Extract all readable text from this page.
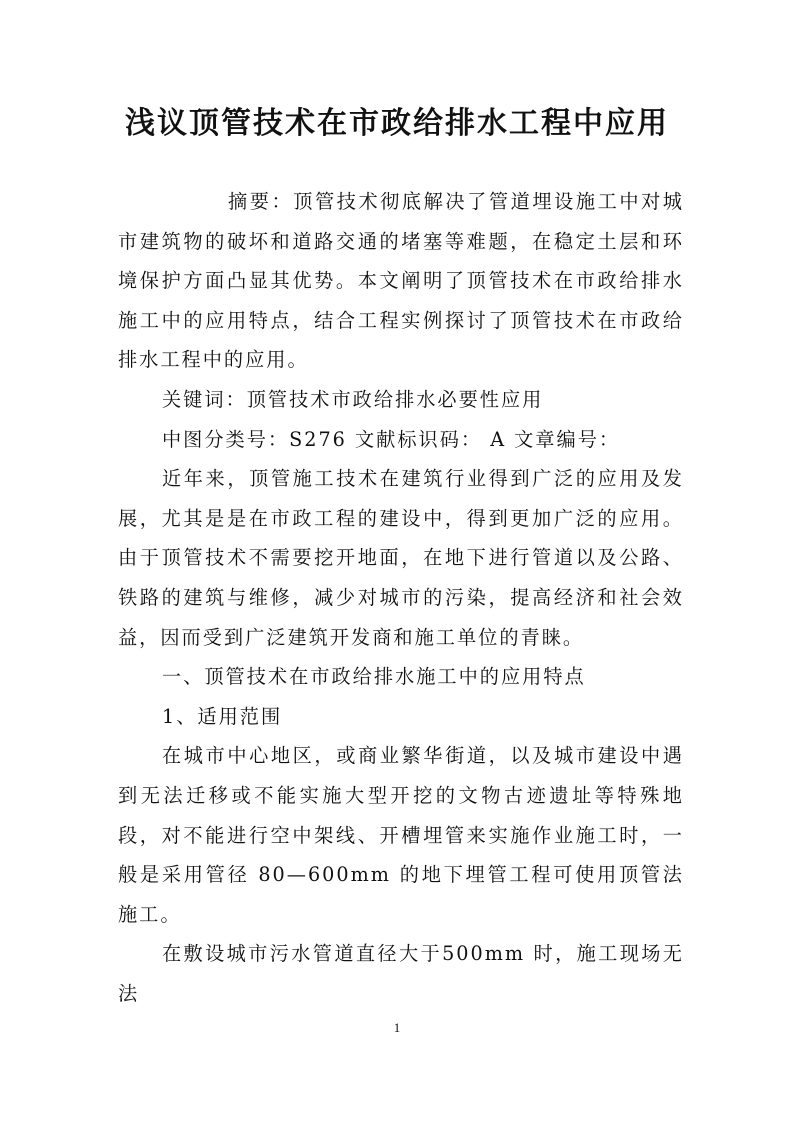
浅议顶管技术在市政给排水工程中应用

摘要：顶管技术彻底解决了管道埋设施工中对城市建筑物的破坏和道路交通的堵塞等难题，在稳定土层和环境保护方面凸显其优势。本文阐明了顶管技术在市政给排水施工中的应用特点，结合工程实例探讨了顶管技术在市政给排水工程中的应用。

关键词：顶管技术市政给排水必要性应用

中图分类号：S276 文献标识码： A 文章编号：

近年来，顶管施工技术在建筑行业得到广泛的应用及发展，尤其是是在市政工程的建设中，得到更加广泛的应用。由于顶管技术不需要挖开地面，在地下进行管道以及公路、铁路的建筑与维修，减少对城市的污染，提高经济和社会效益，因而受到广泛建筑开发商和施工单位的青睐。

一、顶管技术在市政给排水施工中的应用特点

1、适用范围

在城市中心地区，或商业繁华街道，以及城市建设中遇到无法迁移或不能实施大型开挖的文物古迹遗址等特殊地段，对不能进行空中架线、开槽埋管来实施作业施工时，一般是采用管径 80—600mm 的地下埋管工程可使用顶管法施工。

在敷设城市污水管道直径大于500mm 时，施工现场无法

1
